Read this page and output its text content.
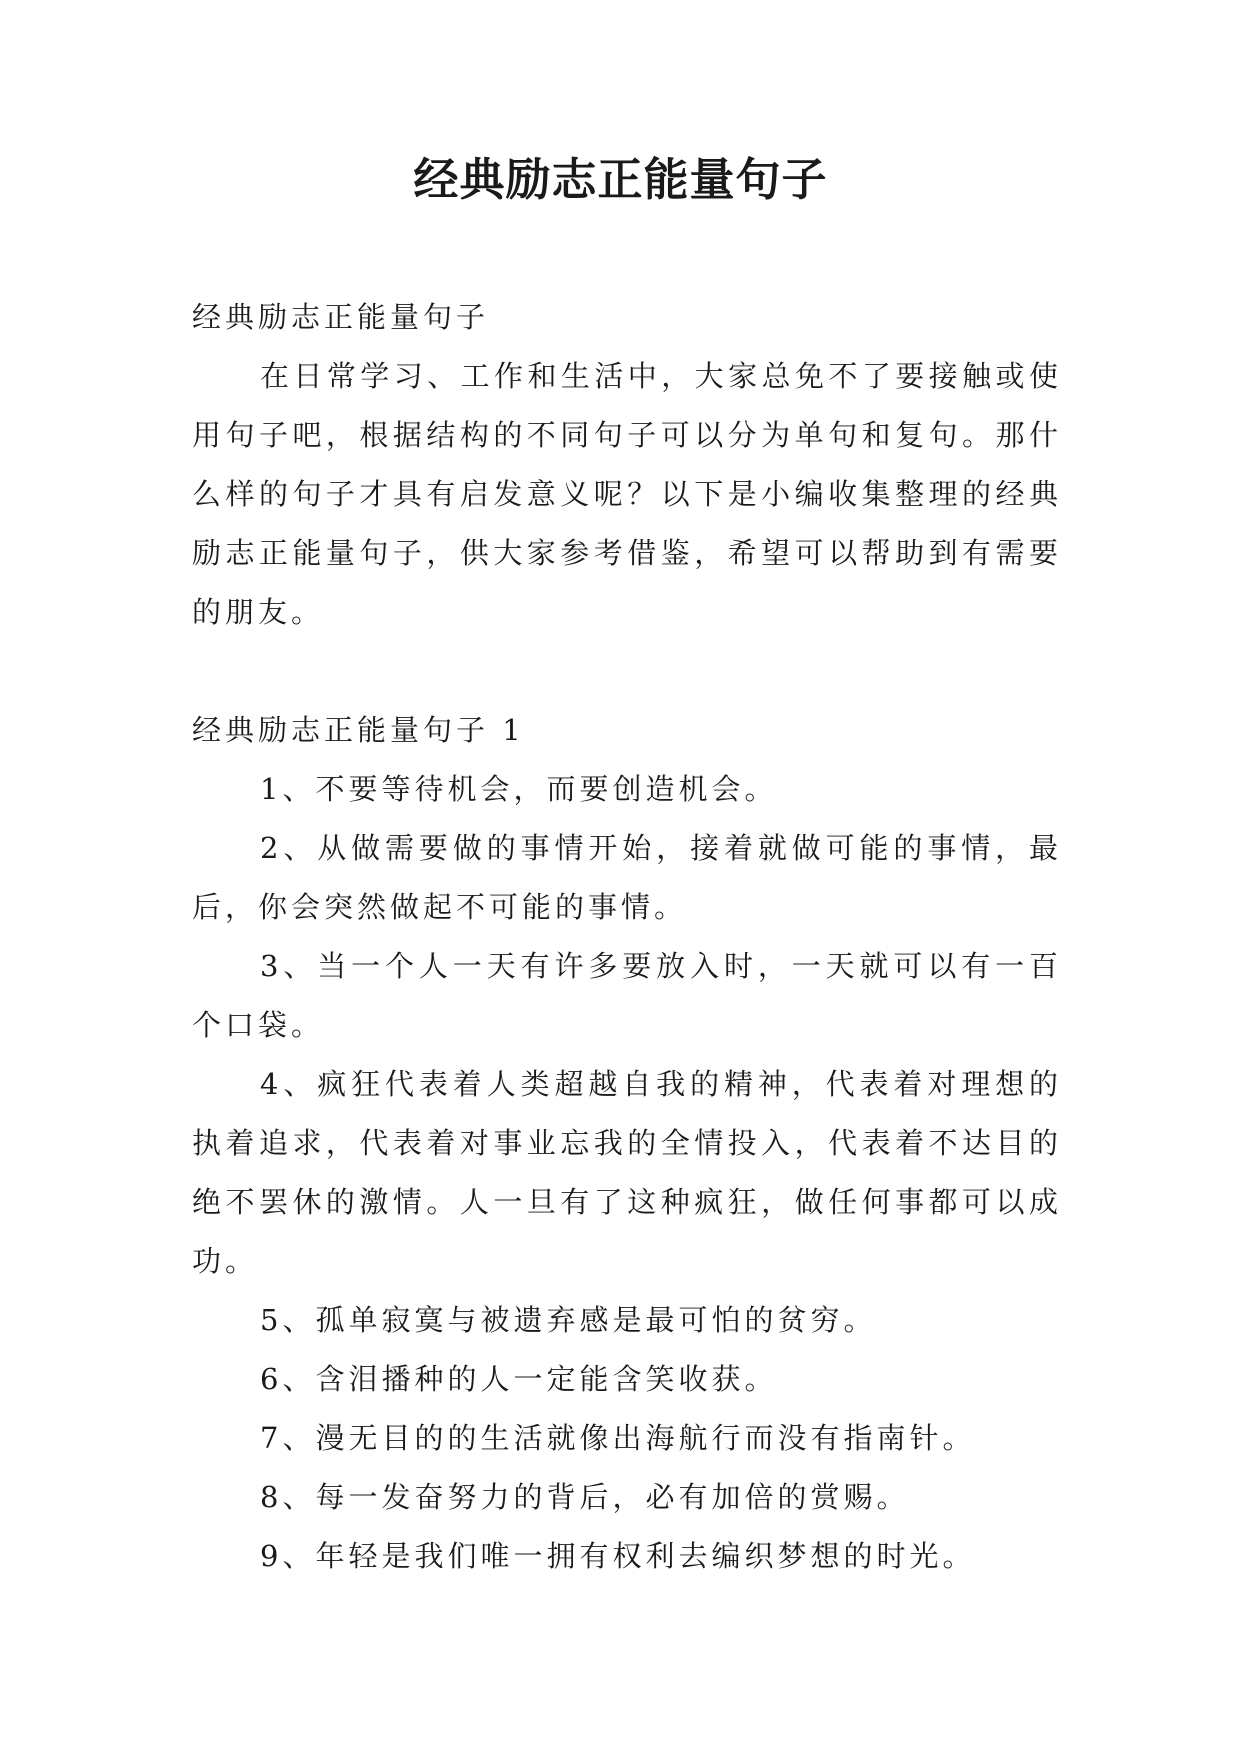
经典励志正能量句子

经典励志正能量句子

在日常学习、工作和生活中，大家总免不了要接触或使用句子吧，根据结构的不同句子可以分为单句和复句。那什么样的句子才具有启发意义呢？以下是小编收集整理的经典励志正能量句子，供大家参考借鉴，希望可以帮助到有需要的朋友。

经典励志正能量句子 1

1、不要等待机会，而要创造机会。

2、从做需要做的事情开始，接着就做可能的事情，最后，你会突然做起不可能的事情。

3、当一个人一天有许多要放入时，一天就可以有一百个口袋。

4、疯狂代表着人类超越自我的精神，代表着对理想的执着追求，代表着对事业忘我的全情投入，代表着不达目的绝不罢休的激情。人一旦有了这种疯狂，做任何事都可以成功。

5、孤单寂寞与被遗弃感是最可怕的贫穷。

6、含泪播种的人一定能含笑收获。

7、漫无目的的生活就像出海航行而没有指南针。

8、每一发奋努力的背后，必有加倍的赏赐。

9、年轻是我们唯一拥有权利去编织梦想的时光。
